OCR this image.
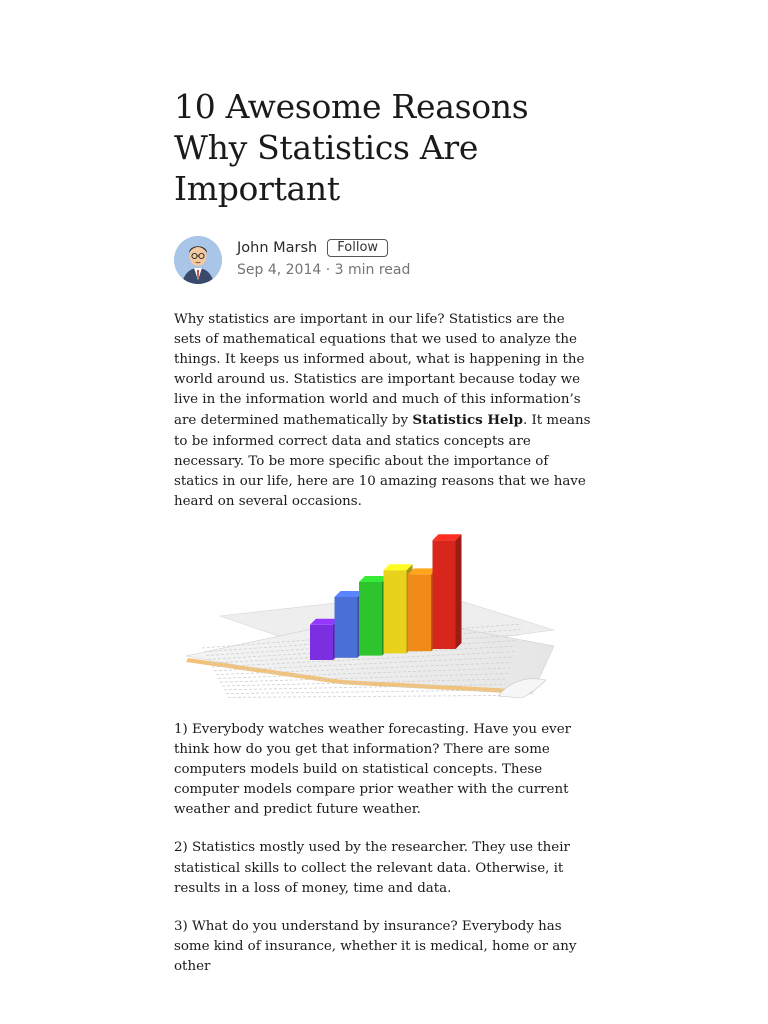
10 Awesome Reasons Why Statistics Are Important
John Marsh	Follow
Sep 4, 2014 · 3 min read

Why statistics are important in our life? Statistics are the sets of mathematical equations that we used to analyze the things. It keeps us informed about, what is happening in the world around us. Statistics are important because today we live in the information world and much of this information’s are determined mathematically by Statistics Help. It means to be informed correct data and statics concepts are necessary. To be more specific about the importance of statics in our life, here are 10 amazing reasons that we have heard on several occasions.

1) Everybody watches weather forecasting. Have you ever think how do you get that information? There are some computers models build on statistical concepts. These computer models compare prior weather with the current weather and predict future weather.

2) Statistics mostly used by the researcher. They use their statistical skills to collect the relevant data. Otherwise, it results in a loss of money, time and data.

3) What do you understand by insurance? Everybody has some kind of insurance, whether it is medical, home or any other
